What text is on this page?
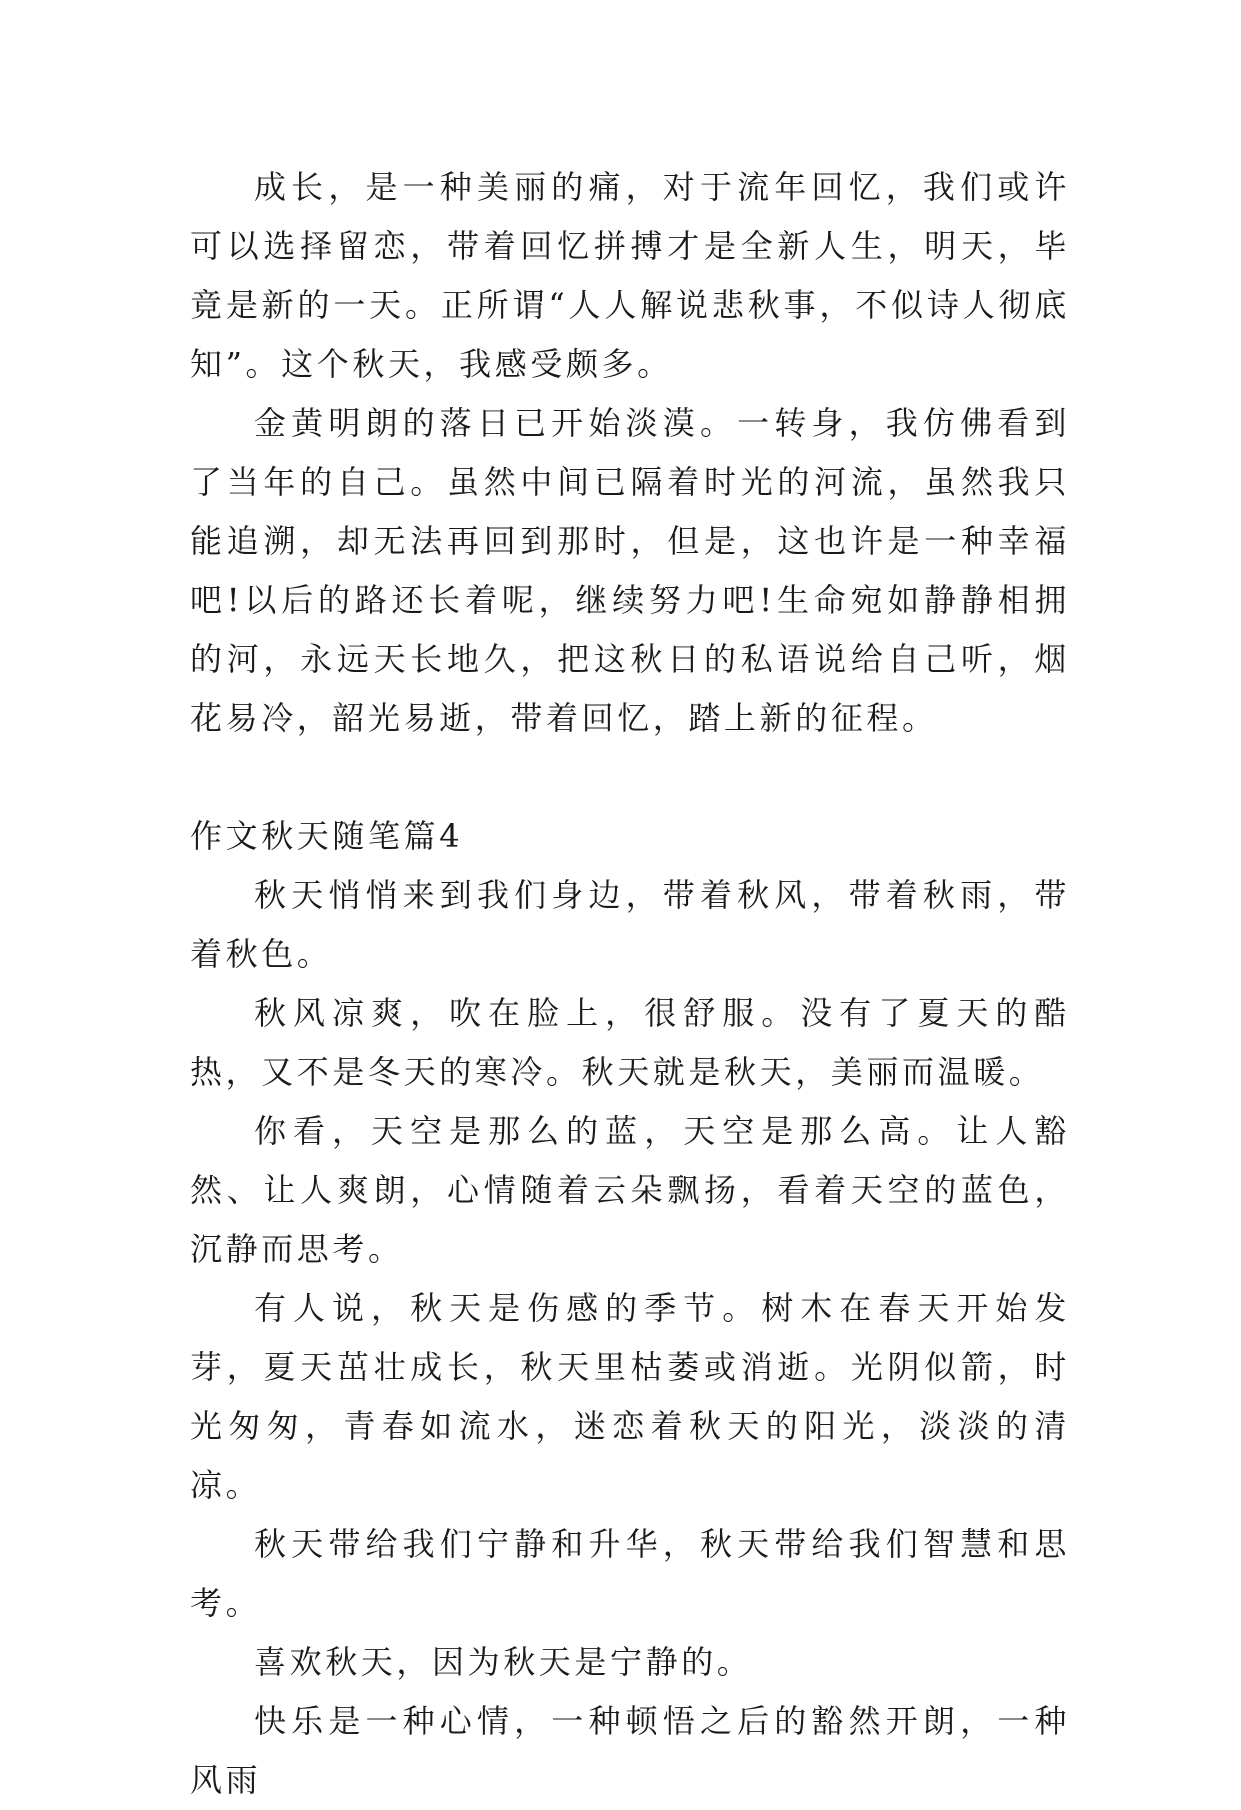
成长，是一种美丽的痛，对于流年回忆，我们或许可以选择留恋，带着回忆拼搏才是全新人生，明天，毕竟是新的一天。正所谓“人人解说悲秋事，不似诗人彻底知”。这个秋天，我感受颇多。

金黄明朗的落日已开始淡漠。一转身，我仿佛看到了当年的自己。虽然中间已隔着时光的河流，虽然我只能追溯，却无法再回到那时，但是，这也许是一种幸福吧!以后的路还长着呢，继续努力吧!生命宛如静静相拥的河，永远天长地久，把这秋日的私语说给自己听，烟花易冷，韶光易逝，带着回忆，踏上新的征程。

作文秋天随笔篇4

秋天悄悄来到我们身边，带着秋风，带着秋雨，带着秋色。

秋风凉爽，吹在脸上，很舒服。没有了夏天的酷热，又不是冬天的寒冷。秋天就是秋天，美丽而温暖。

你看，天空是那么的蓝，天空是那么高。让人豁然、让人爽朗，心情随着云朵飘扬，看着天空的蓝色，沉静而思考。

有人说，秋天是伤感的季节。树木在春天开始发芽，夏天茁壮成长，秋天里枯萎或消逝。光阴似箭，时光匆匆，青春如流水，迷恋着秋天的阳光，淡淡的清凉。

秋天带给我们宁静和升华，秋天带给我们智慧和思考。

喜欢秋天，因为秋天是宁静的。

快乐是一种心情，一种顿悟之后的豁然开朗，一种风雨
